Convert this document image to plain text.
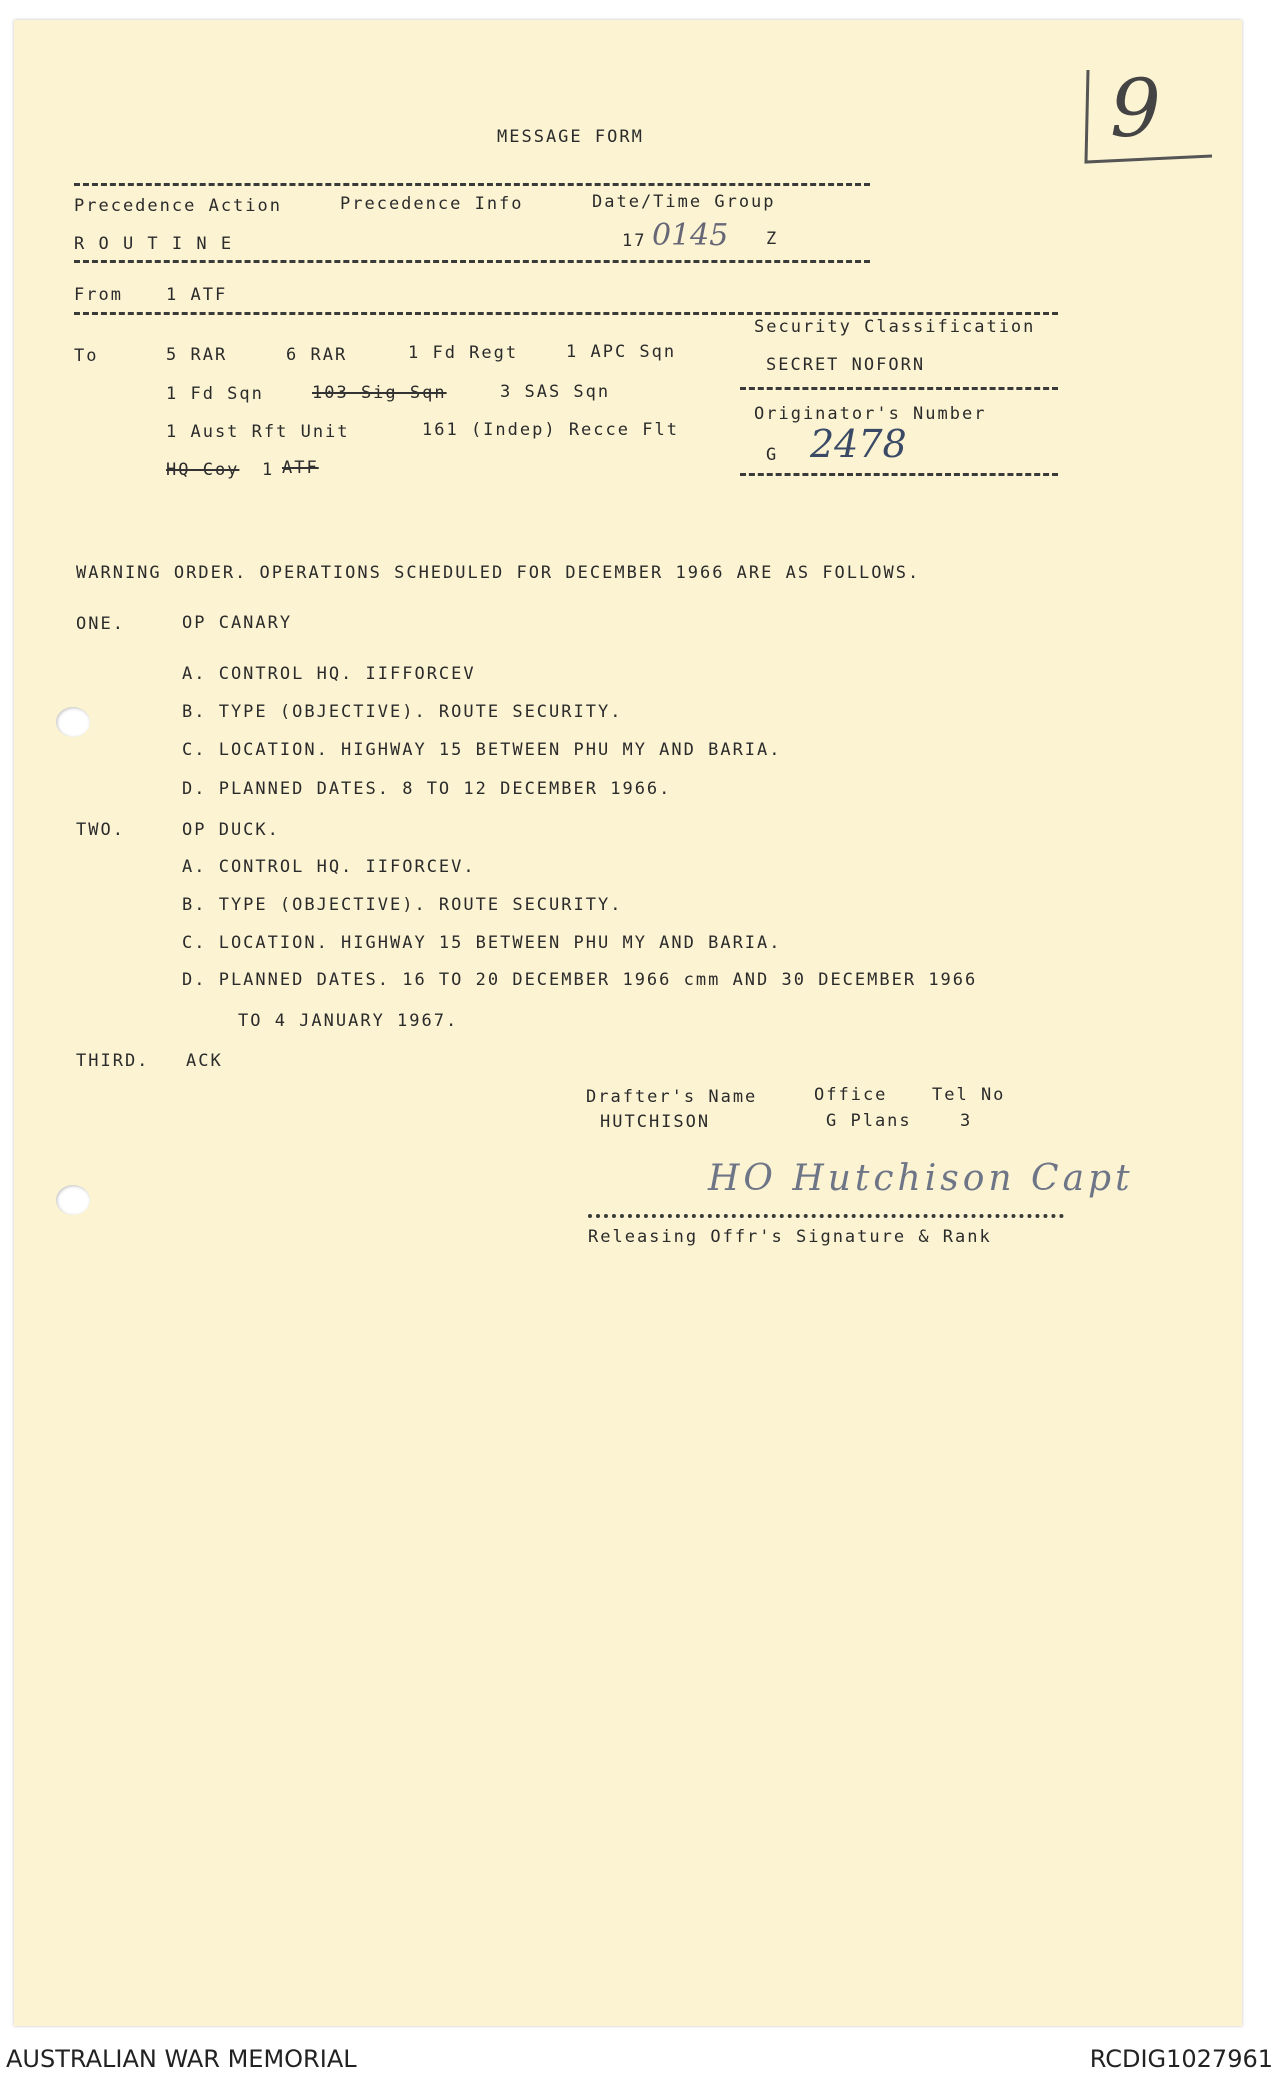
9
MESSAGE FORM
Precedence Action	Precedence Info	Date/Time Group
R O U T I N E	17 0145 Z
From	1 ATF
To	5 RAR	6 RAR	1 Fd Regt	1 APC Sqn
1 Fd Sqn	103 Sig Sqn	3 SAS Sqn
1 Aust Rft Unit	161 (Indep) Recce Flt
HQ Coy 1 ATF
Security Classification
SECRET NOFORN
Originator's Number
G 2478
WARNING ORDER. OPERATIONS SCHEDULED FOR DECEMBER 1966 ARE AS FOLLOWS.
ONE.	OP CANARY
A. CONTROL HQ. IIFFORCEV
B. TYPE (OBJECTIVE). ROUTE SECURITY.
C. LOCATION. HIGHWAY 15 BETWEEN PHU MY AND BARIA.
D. PLANNED DATES. 8 TO 12 DECEMBER 1966.
TWO.	OP DUCK.
A. CONTROL HQ. IIFORCEV.
B. TYPE (OBJECTIVE). ROUTE SECURITY.
C. LOCATION. HIGHWAY 15 BETWEEN PHU MY AND BARIA.
D. PLANNED DATES. 16 TO 20 DECEMBER 1966 cmm AND 30 DECEMBER 1966
TO 4 JANUARY 1967.
THIRD. ACK
Drafter's Name	Office	Tel No
HUTCHISON	G Plans	3
HO Hutchison Capt
Releasing Offr's Signature & Rank
AUSTRALIAN WAR MEMORIAL	RCDIG1027961
